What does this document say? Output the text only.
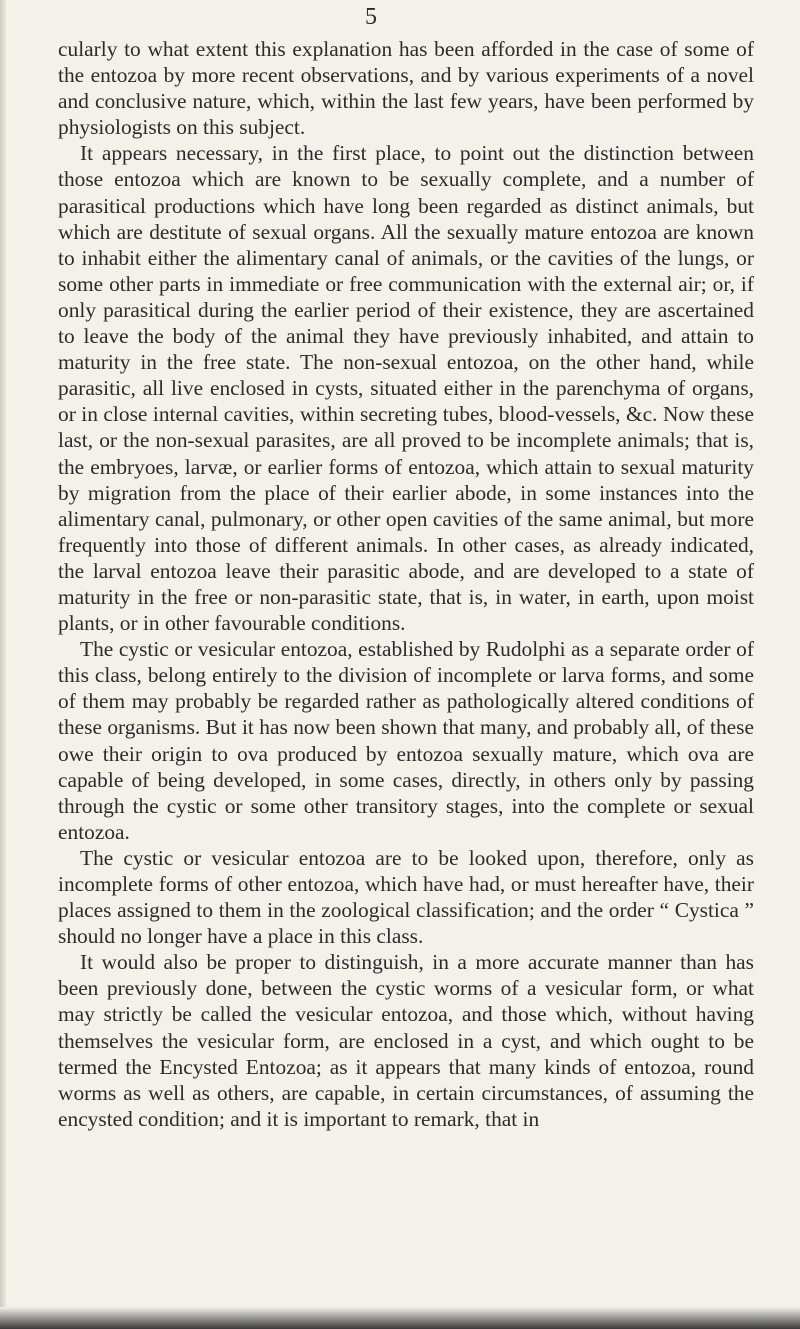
5

cularly to what extent this explanation has been afforded in the case of some of the entozoa by more recent observations, and by various experiments of a novel and conclusive nature, which, within the last few years, have been performed by physiologists on this subject.

It appears necessary, in the first place, to point out the distinction between those entozoa which are known to be sexually complete, and a number of parasitical productions which have long been regarded as distinct animals, but which are destitute of sexual organs. All the sexually mature entozoa are known to inhabit either the alimentary canal of animals, or the cavities of the lungs, or some other parts in immediate or free communication with the external air; or, if only parasitical during the earlier period of their existence, they are ascertained to leave the body of the animal they have previously inhabited, and attain to maturity in the free state. The non-sexual entozoa, on the other hand, while parasitic, all live enclosed in cysts, situated either in the parenchyma of organs, or in close internal cavities, within secreting tubes, blood-vessels, &c. Now these last, or the non-sexual parasites, are all proved to be incomplete animals; that is, the embryoes, larvæ, or earlier forms of entozoa, which attain to sexual maturity by migration from the place of their earlier abode, in some instances into the alimentary canal, pulmonary, or other open cavities of the same animal, but more frequently into those of different animals. In other cases, as already indicated, the larval entozoa leave their parasitic abode, and are developed to a state of maturity in the free or non-parasitic state, that is, in water, in earth, upon moist plants, or in other favourable conditions.

The cystic or vesicular entozoa, established by Rudolphi as a separate order of this class, belong entirely to the division of incomplete or larva forms, and some of them may probably be regarded rather as pathologically altered conditions of these organisms. But it has now been shown that many, and probably all, of these owe their origin to ova produced by entozoa sexually mature, which ova are capable of being developed, in some cases, directly, in others only by passing through the cystic or some other transitory stages, into the complete or sexual entozoa.

The cystic or vesicular entozoa are to be looked upon, therefore, only as incomplete forms of other entozoa, which have had, or must hereafter have, their places assigned to them in the zoological classification; and the order “ Cystica ” should no longer have a place in this class.

It would also be proper to distinguish, in a more accurate manner than has been previously done, between the cystic worms of a vesicular form, or what may strictly be called the vesicular entozoa, and those which, without having themselves the vesicular form, are enclosed in a cyst, and which ought to be termed the Encysted Entozoa; as it appears that many kinds of entozoa, round worms as well as others, are capable, in certain circumstances, of assuming the encysted condition; and it is important to remark, that in
